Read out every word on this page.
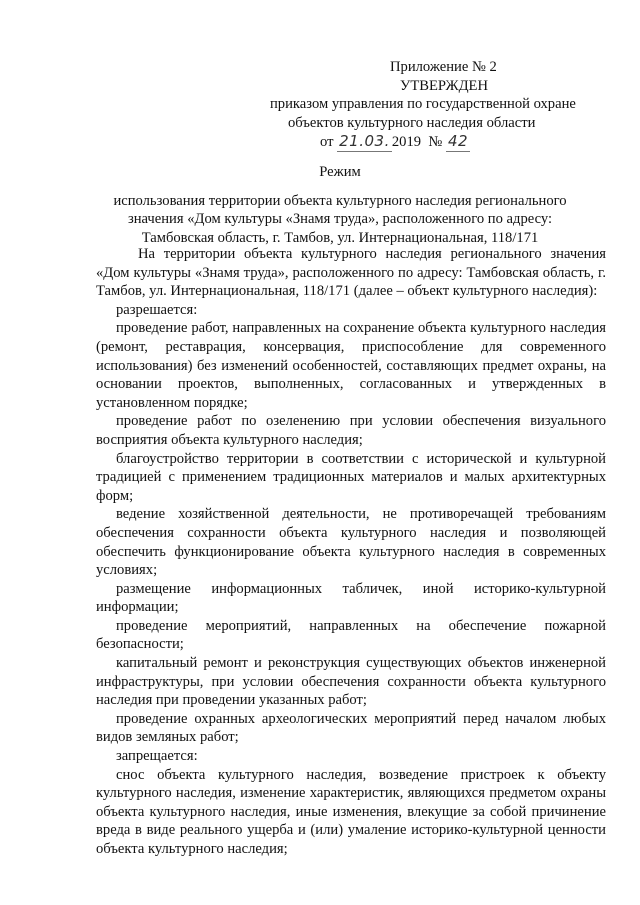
Приложение № 2
УТВЕРЖДЕН
приказом управления по государственной охране
объектов культурного наследия области
от 21.03. 2019 № 42
Режим
использования территории объекта культурного наследия регионального
значения «Дом культуры «Знамя труда», расположенного по адресу:
Тамбовская область, г. Тамбов, ул. Интернациональная, 118/171
На территории объекта культурного наследия регионального значения «Дом культуры «Знамя труда», расположенного по адресу: Тамбовская область, г. Тамбов, ул. Интернациональная, 118/171 (далее – объект культурного наследия):
разрешается:
проведение работ, направленных на сохранение объекта культурного наследия (ремонт, реставрация, консервация, приспособление для современного использования) без изменений особенностей, составляющих предмет охраны, на основании проектов, выполненных, согласованных и утвержденных в установленном порядке;
проведение работ по озеленению при условии обеспечения визуального восприятия объекта культурного наследия;
благоустройство территории в соответствии с исторической и культурной традицией с применением традиционных материалов и малых архитектурных форм;
ведение хозяйственной деятельности, не противоречащей требованиям обеспечения сохранности объекта культурного наследия и позволяющей обеспечить функционирование объекта культурного наследия в современных условиях;
размещение информационных табличек, иной историко-культурной информации;
проведение мероприятий, направленных на обеспечение пожарной безопасности;
капитальный ремонт и реконструкция существующих объектов инженерной инфраструктуры, при условии обеспечения сохранности объекта культурного наследия при проведении указанных работ;
проведение охранных археологических мероприятий перед началом любых видов земляных работ;
запрещается:
снос объекта культурного наследия, возведение пристроек к объекту культурного наследия, изменение характеристик, являющихся предметом охраны объекта культурного наследия, иные изменения, влекущие за собой причинение вреда в виде реального ущерба и (или) умаление историко-культурной ценности объекта культурного наследия;
